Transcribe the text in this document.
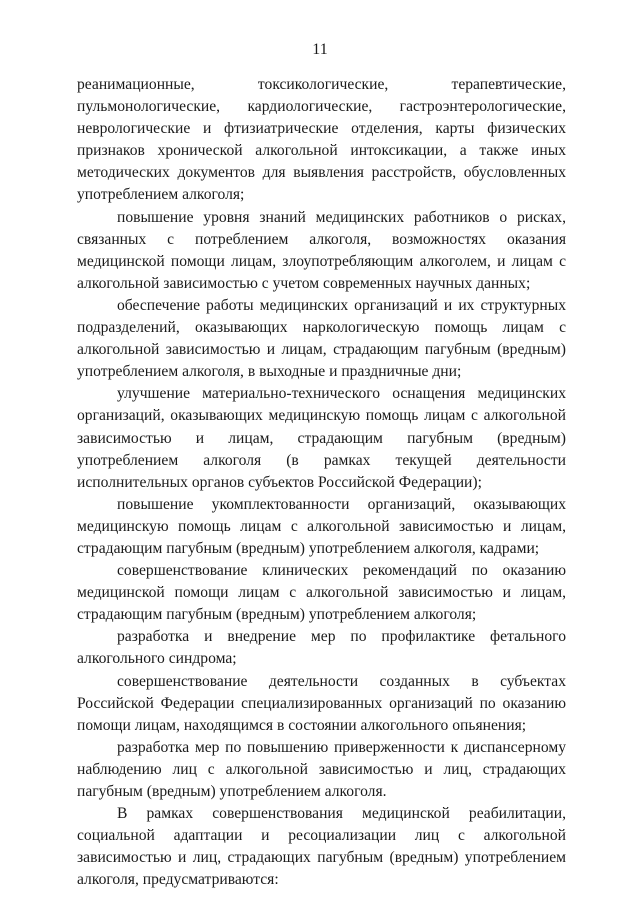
11

реанимационные, токсикологические, терапевтические, пульмонологические, кардиологические, гастроэнтерологические, неврологические и фтизиатрические отделения, карты физических признаков хронической алкогольной интоксикации, а также иных методических документов для выявления расстройств, обусловленных употреблением алкоголя;

повышение уровня знаний медицинских работников о рисках, связанных с потреблением алкоголя, возможностях оказания медицинской помощи лицам, злоупотребляющим алкоголем, и лицам с алкогольной зависимостью с учетом современных научных данных;

обеспечение работы медицинских организаций и их структурных подразделений, оказывающих наркологическую помощь лицам с алкогольной зависимостью и лицам, страдающим пагубным (вредным) употреблением алкоголя, в выходные и праздничные дни;

улучшение материально-технического оснащения медицинских организаций, оказывающих медицинскую помощь лицам с алкогольной зависимостью и лицам, страдающим пагубным (вредным) употреблением алкоголя (в рамках текущей деятельности исполнительных органов субъектов Российской Федерации);

повышение укомплектованности организаций, оказывающих медицинскую помощь лицам с алкогольной зависимостью и лицам, страдающим пагубным (вредным) употреблением алкоголя, кадрами;

совершенствование клинических рекомендаций по оказанию медицинской помощи лицам с алкогольной зависимостью и лицам, страдающим пагубным (вредным) употреблением алкоголя;

разработка и внедрение мер по профилактике фетального алкогольного синдрома;

совершенствование деятельности созданных в субъектах Российской Федерации специализированных организаций по оказанию помощи лицам, находящимся в состоянии алкогольного опьянения;

разработка мер по повышению приверженности к диспансерному наблюдению лиц с алкогольной зависимостью и лиц, страдающих пагубным (вредным) употреблением алкоголя.

В рамках совершенствования медицинской реабилитации, социальной адаптации и ресоциализации лиц с алкогольной зависимостью и лиц, страдающих пагубным (вредным) употреблением алкоголя, предусматриваются:
